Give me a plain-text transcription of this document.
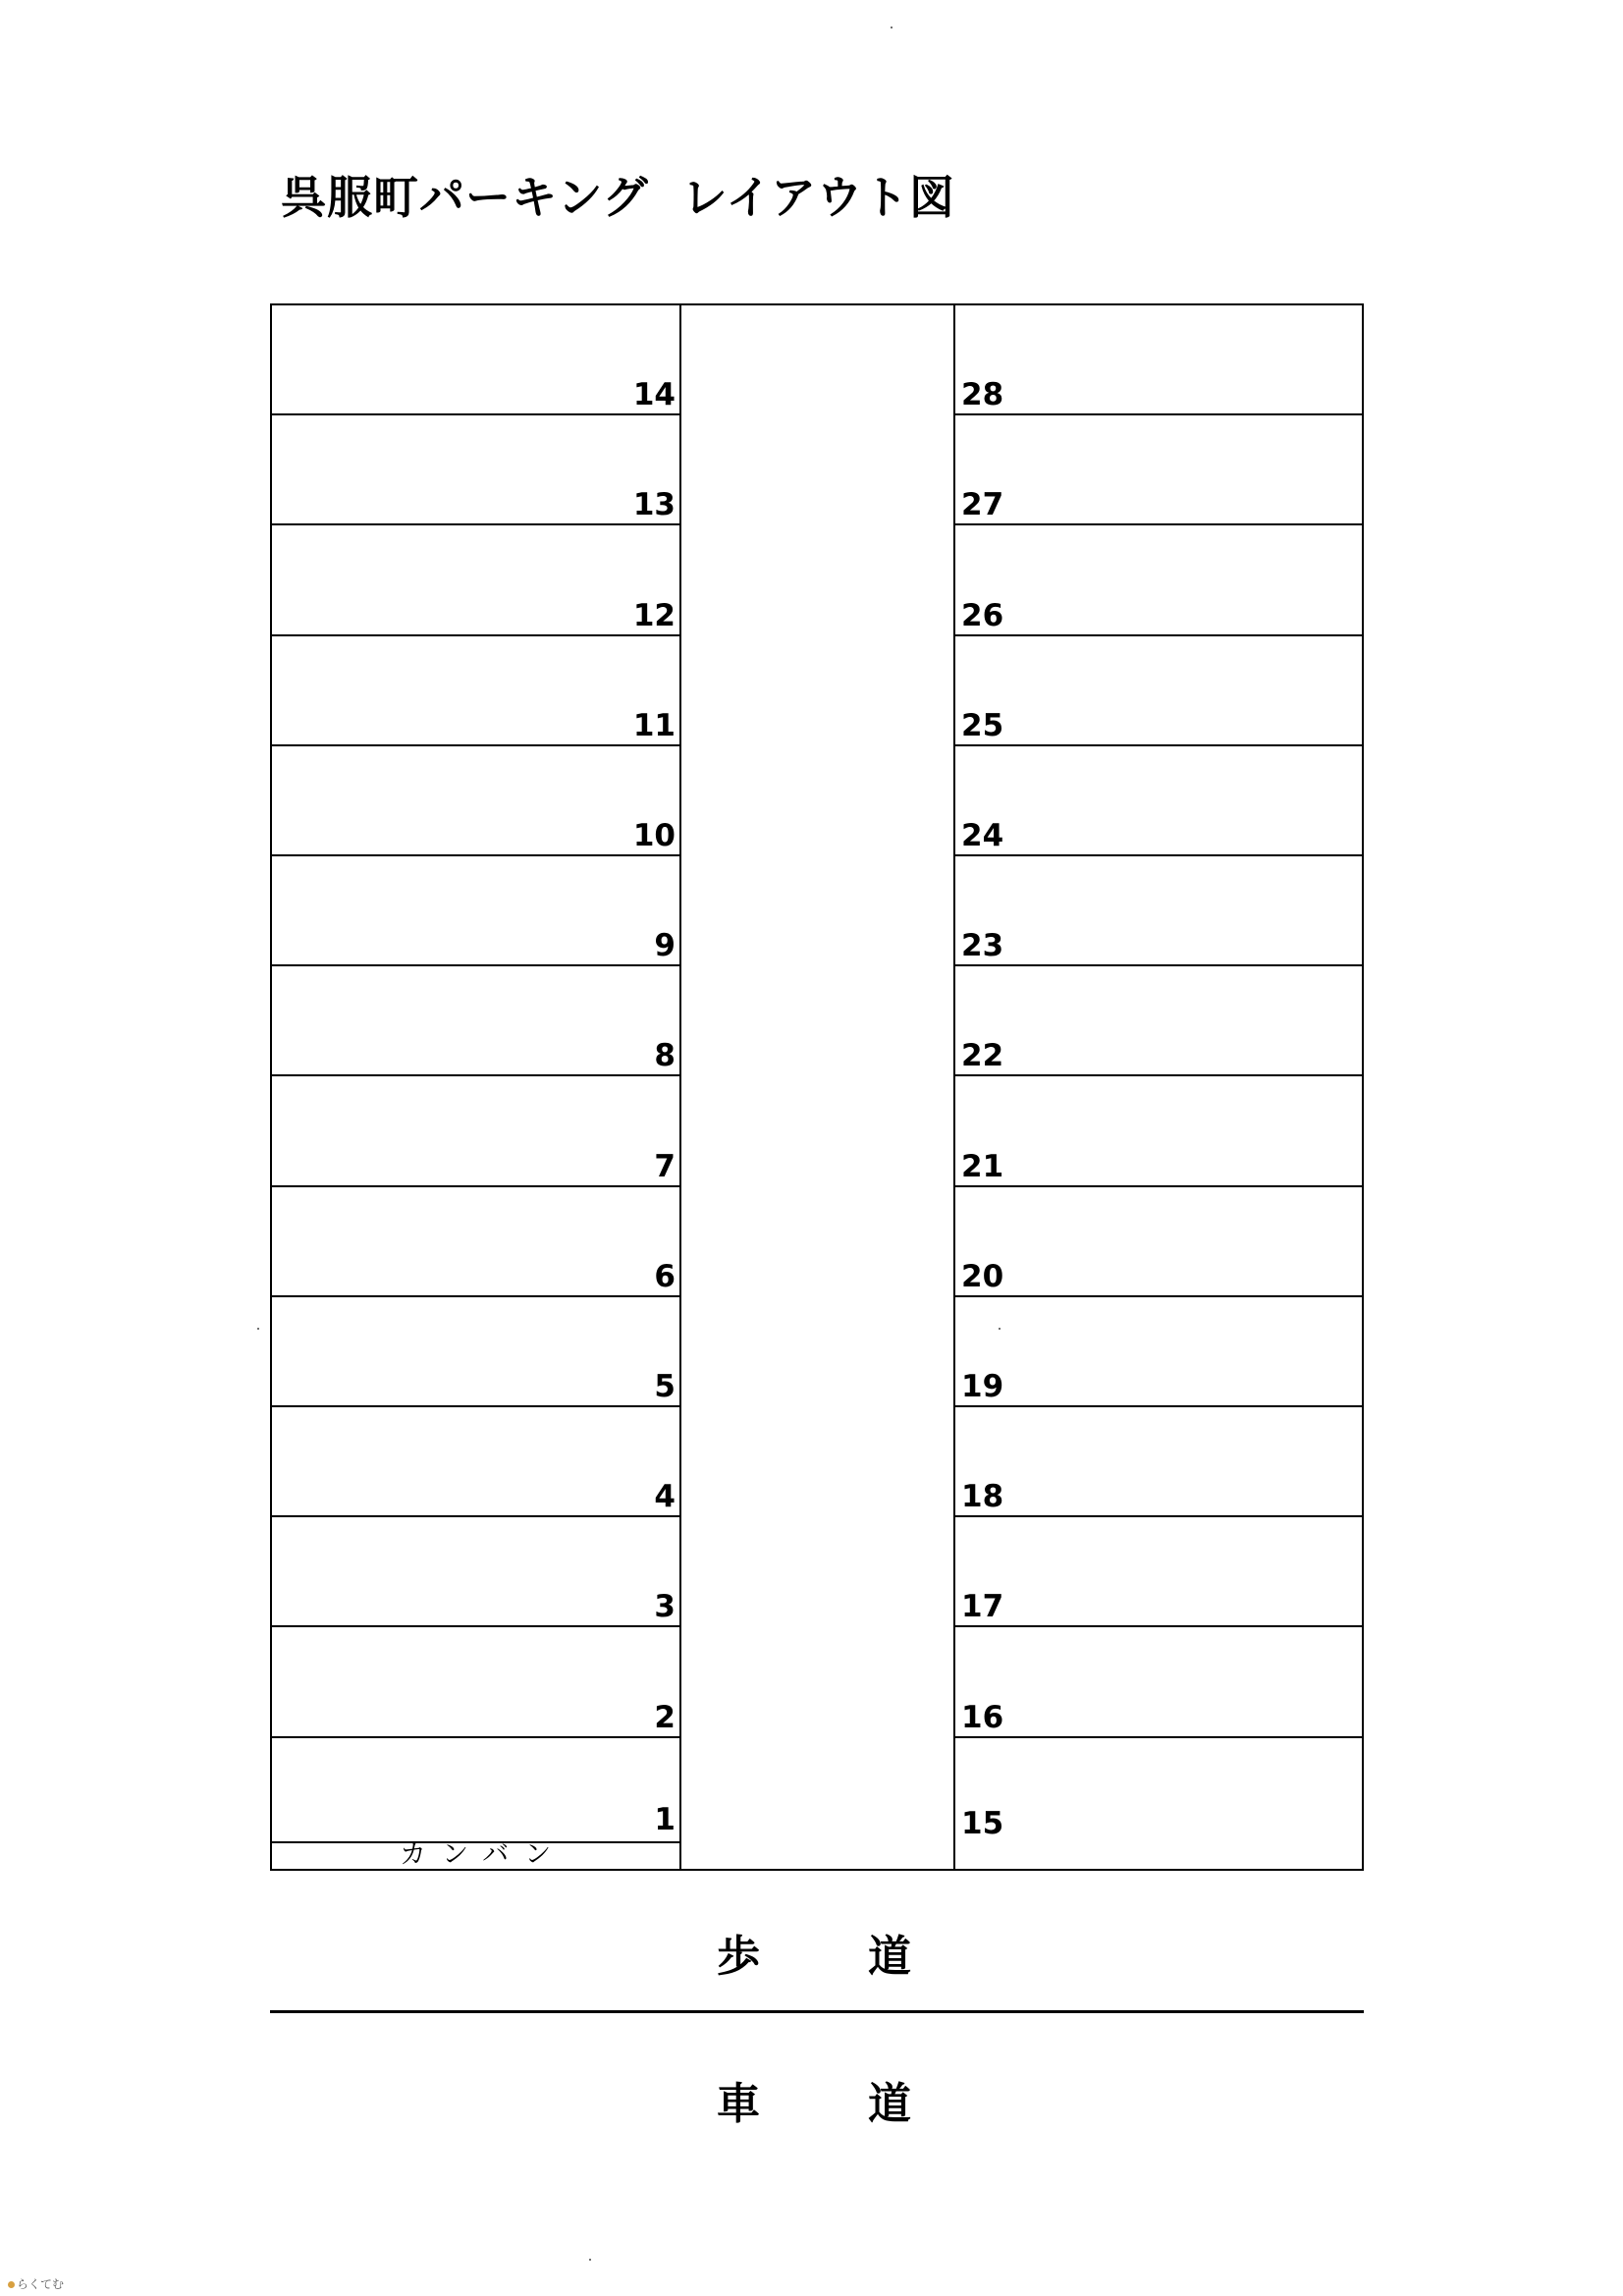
呉服町パーキング  レイアウト図
14
13
12
11
10
9
8
7
6
5
4
3
2
1
カンバン
28
27
26
25
24
23
22
21
20
19
18
17
16
15
歩道
車道
らくてむ
